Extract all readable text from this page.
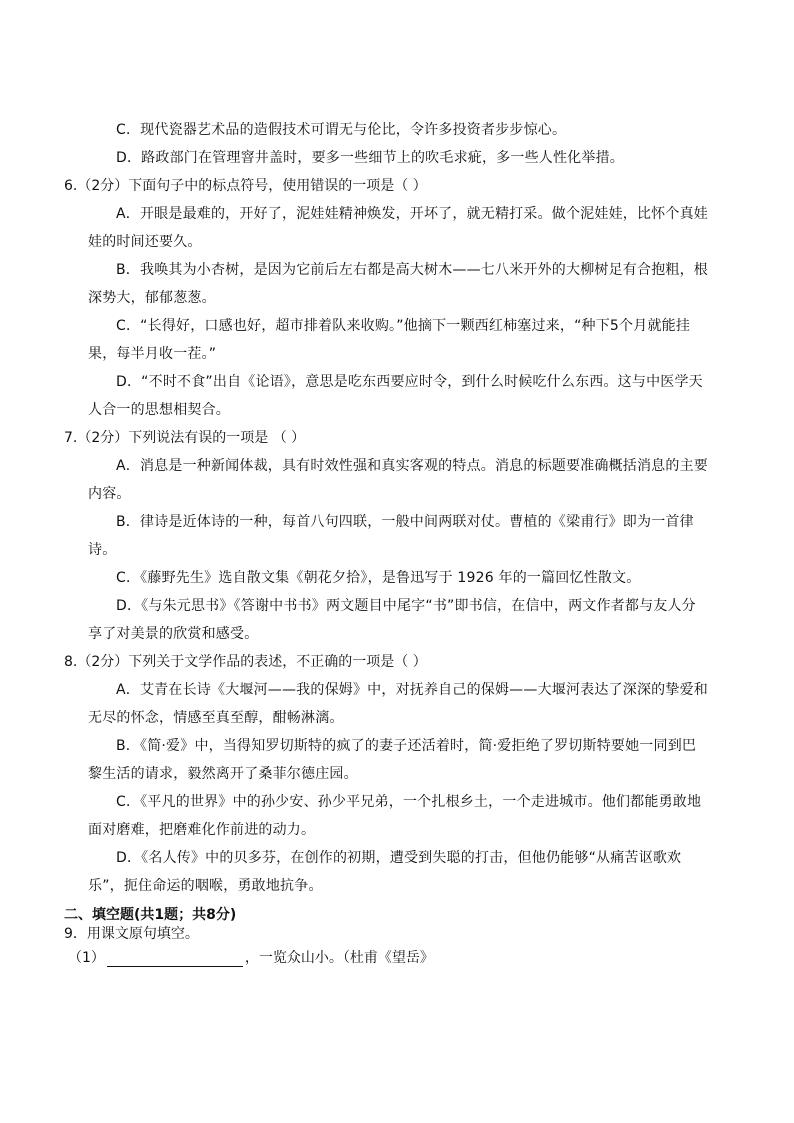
C．现代瓷器艺术品的造假技术可谓无与伦比，令许多投资者步步惊心。

D．路政部门在管理窨井盖时，要多一些细节上的吹毛求疵，多一些人性化举措。

6.（2分）下面句子中的标点符号，使用错误的一项是（ ）

A．开眼是最难的，开好了，泥娃娃精神焕发，开坏了，就无精打采。做个泥娃娃，比怀个真娃娃的时间还要久。

B．我唤其为小杏树，是因为它前后左右都是高大树木——七八米开外的大柳树足有合抱粗，根深势大，郁郁葱葱。

C．“长得好，口感也好，超市排着队来收购。”他摘下一颗西红柿塞过来，“种下5个月就能挂果，每半月收一茬。”

D．“不时不食”出自《论语》，意思是吃东西要应时令，到什么时候吃什么东西。这与中医学天人合一的思想相契合。

7.（2分）下列说法有误的一项是 （ ）

A．消息是一种新闻体裁，具有时效性强和真实客观的特点。消息的标题要准确概括消息的主要内容。

B．律诗是近体诗的一种，每首八句四联，一般中间两联对仗。曹植的《梁甫行》即为一首律诗。

C．《藤野先生》选自散文集《朝花夕拾》，是鲁迅写于 1926 年的一篇回忆性散文。

D．《与朱元思书》《答谢中书书》两文题目中尾字“书”即书信，在信中，两文作者都与友人分享了对美景的欣赏和感受。

8.（2分）下列关于文学作品的表述，不正确的一项是（ ）

A．艾青在长诗《大堰河——我的保姆》中，对抚养自己的保姆——大堰河表达了深深的挚爱和无尽的怀念，情感至真至醇，酣畅淋漓。

B．《简·爱》中，当得知罗切斯特的疯了的妻子还活着时，简·爱拒绝了罗切斯特要她一同到巴黎生活的请求，毅然离开了桑菲尔德庄园。

C．《平凡的世界》中的孙少安、孙少平兄弟，一个扎根乡土，一个走进城市。他们都能勇敢地面对磨难，把磨难化作前进的动力。

D．《名人传》中的贝多芬，在创作的初期，遭受到失聪的打击，但他仍能够“从痛苦讴歌欢乐”，扼住命运的咽喉，勇敢地抗争。

二、填空题(共1题；共8分)

9．用课文原句填空。

（1）	，一览众山小。（杜甫《望岳》
